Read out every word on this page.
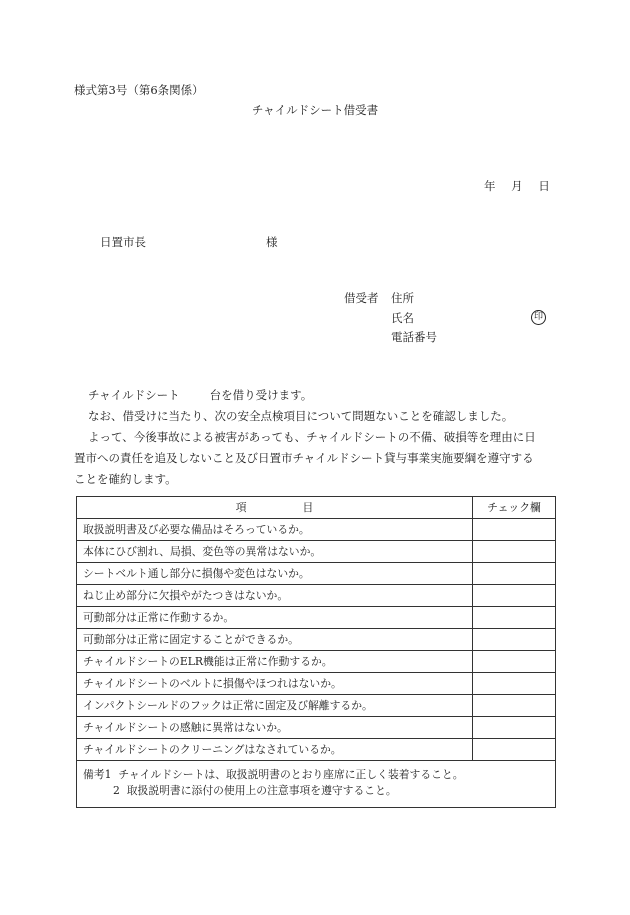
様式第3号（第6条関係）
チャイルドシート借受書
年 月 日
日置市長	様
借受者 住所
氏名	印
電話番号

チャイルドシート	台を借り受けます。

なお、借受けに当たり、次の安全点検項目について問題ないことを確認しました。

よって、今後事故による被害があっても、チャイルドシートの不備、破損等を理由に日

置市への責任を追及しないこと及び日置市チャイルドシート貸与事業実施要綱を遵守する

ことを確約します。

項 目	チェック欄
取扱説明書及び必要な備品はそろっているか。	
本体にひび割れ、局損、変色等の異常はないか。	
シートベルト通し部分に損傷や変色はないか。	
ねじ止め部分に欠損やがたつきはないか。	
可動部分は正常に作動するか。	
可動部分は正常に固定することができるか。	
チャイルドシートのELR機能は正常に作動するか。	
チャイルドシートのベルトに損傷やほつれはないか。	
インパクトシールドのフックは正常に固定及び解離するか。	
チャイルドシートの感触に異常はないか。	
チャイルドシートのクリーニングはなされているか。	
備考1 チャイルドシートは、取扱説明書のとおり座席に正しく装着すること。
2 取扱説明書に添付の使用上の注意事項を遵守すること。
